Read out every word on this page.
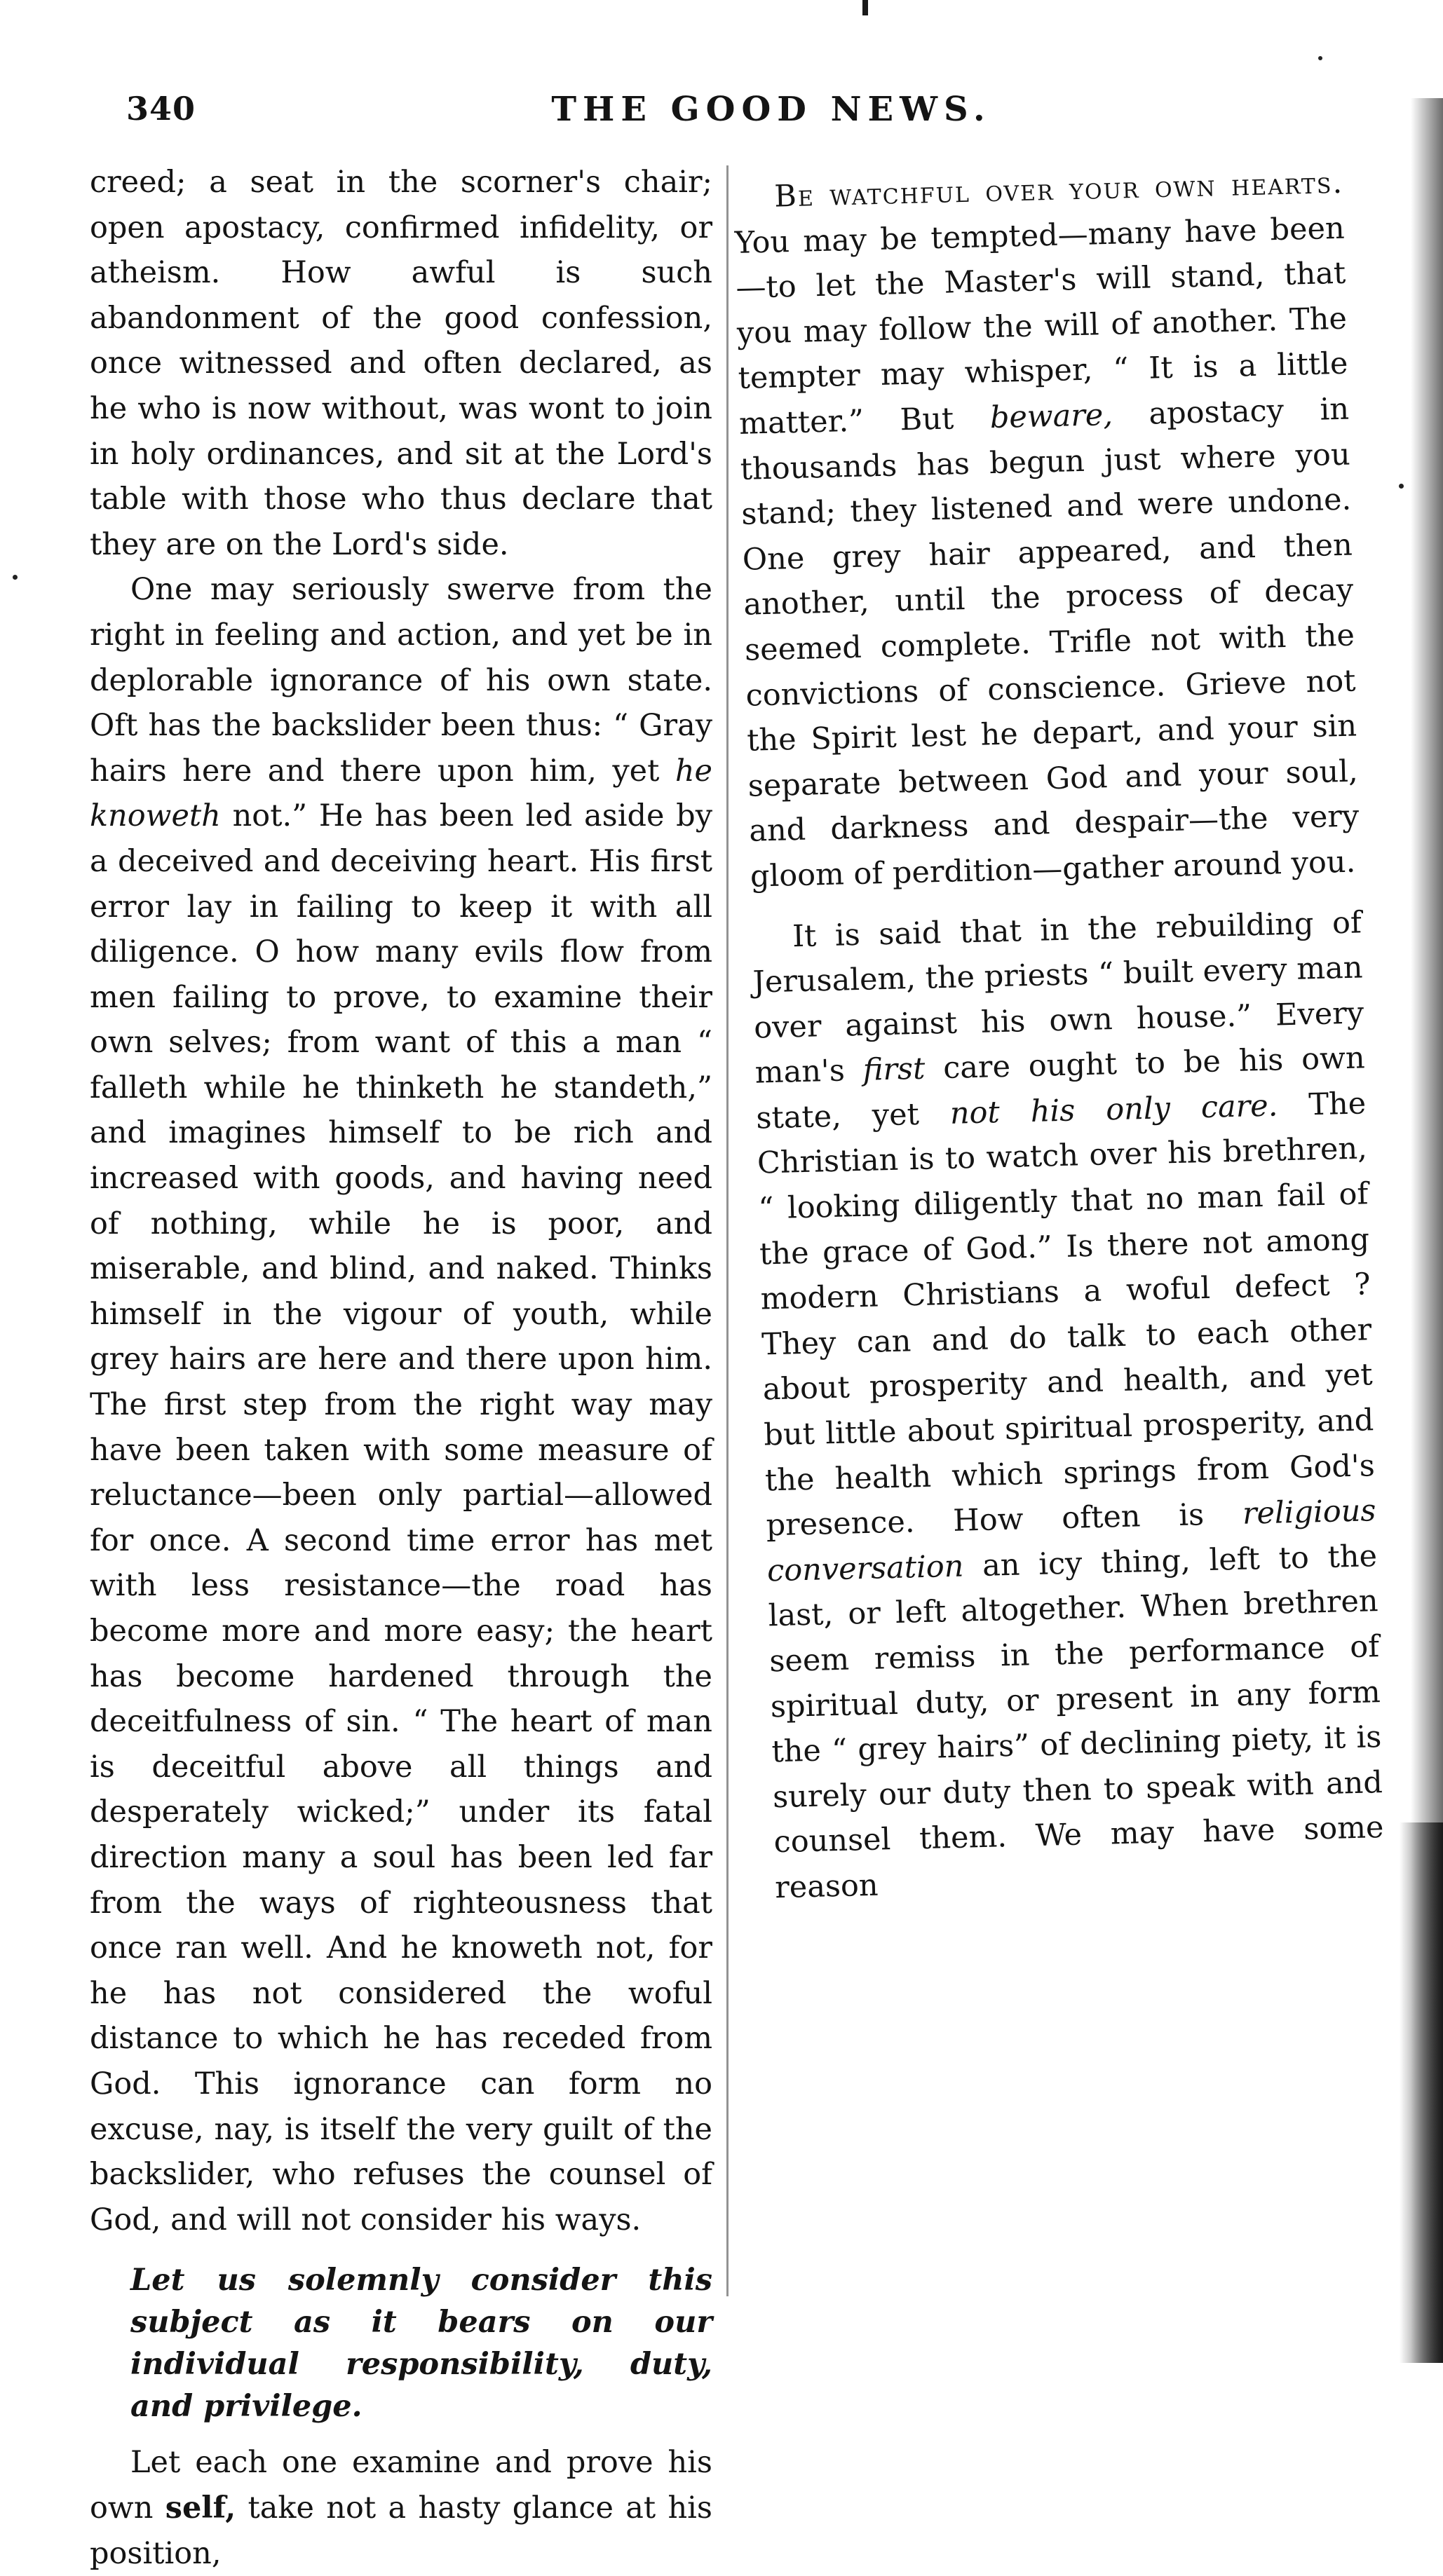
340	THE GOOD NEWS.

creed; a seat in the scorner's chair; open apostacy, confirmed infidelity, or atheism. How awful is such abandonment of the good confession, once witnessed and often declared, as he who is now without, was wont to join in holy ordinances, and sit at the Lord's table with those who thus declare that they are on the Lord's side.

One may seriously swerve from the right in feeling and action, and yet be in deplorable ignorance of his own state. Oft has the backslider been thus: “ Gray hairs here and there upon him, yet he knoweth not.” He has been led aside by a deceived and deceiving heart. His first error lay in failing to keep it with all diligence. O how many evils flow from men failing to prove, to examine their own selves; from want of this a man “ falleth while he thinketh he standeth,” and imagines himself to be rich and increased with goods, and having need of nothing, while he is poor, and miserable, and blind, and naked. Thinks himself in the vigour of youth, while grey hairs are here and there upon him. The first step from the right way may have been taken with some measure of reluctance—been only partial—allowed for once. A second time error has met with less resistance—the road has become more and more easy; the heart has become hardened through the deceitfulness of sin. “ The heart of man is deceitful above all things and desperately wicked;” under its fatal direction many a soul has been led far from the ways of righteousness that once ran well. And he knoweth not, for he has not considered the woful distance to which he has receded from God. This ignorance can form no excuse, nay, is itself the very guilt of the backslider, who refuses the counsel of God, and will not consider his ways.

Let us solemnly consider this subject as it bears on our individual responsibility, duty, and privilege.

Let each one examine and prove his own self, take not a hasty glance at his position,

Be watchful over your own hearts. You may be tempted—many have been—to let the Master's will stand, that you may follow the will of another. The tempter may whisper, “ It is a little matter.” But beware, apostacy in thousands has begun just where you stand; they listened and were undone. One grey hair appeared, and then another, until the process of decay seemed complete. Trifle not with the convictions of conscience. Grieve not the Spirit lest he depart, and your sin separate between God and your soul, and darkness and despair—the very gloom of perdition—gather around you.

It is said that in the rebuilding of Jerusalem, the priests “ built every man over against his own house.” Every man's first care ought to be his own state, yet not his only care. The Christian is to watch over his brethren, “ looking diligently that no man fail of the grace of God.” Is there not among modern Christians a woful defect ? They can and do talk to each other about prosperity and health, and yet but little about spiritual prosperity, and the health which springs from God's presence. How often is religious conversation an icy thing, left to the last, or left altogether. When brethren seem remiss in the performance of spiritual duty, or present in any form the “ grey hairs” of declining piety, it is surely our duty then to speak with and counsel them. We may have some reason
